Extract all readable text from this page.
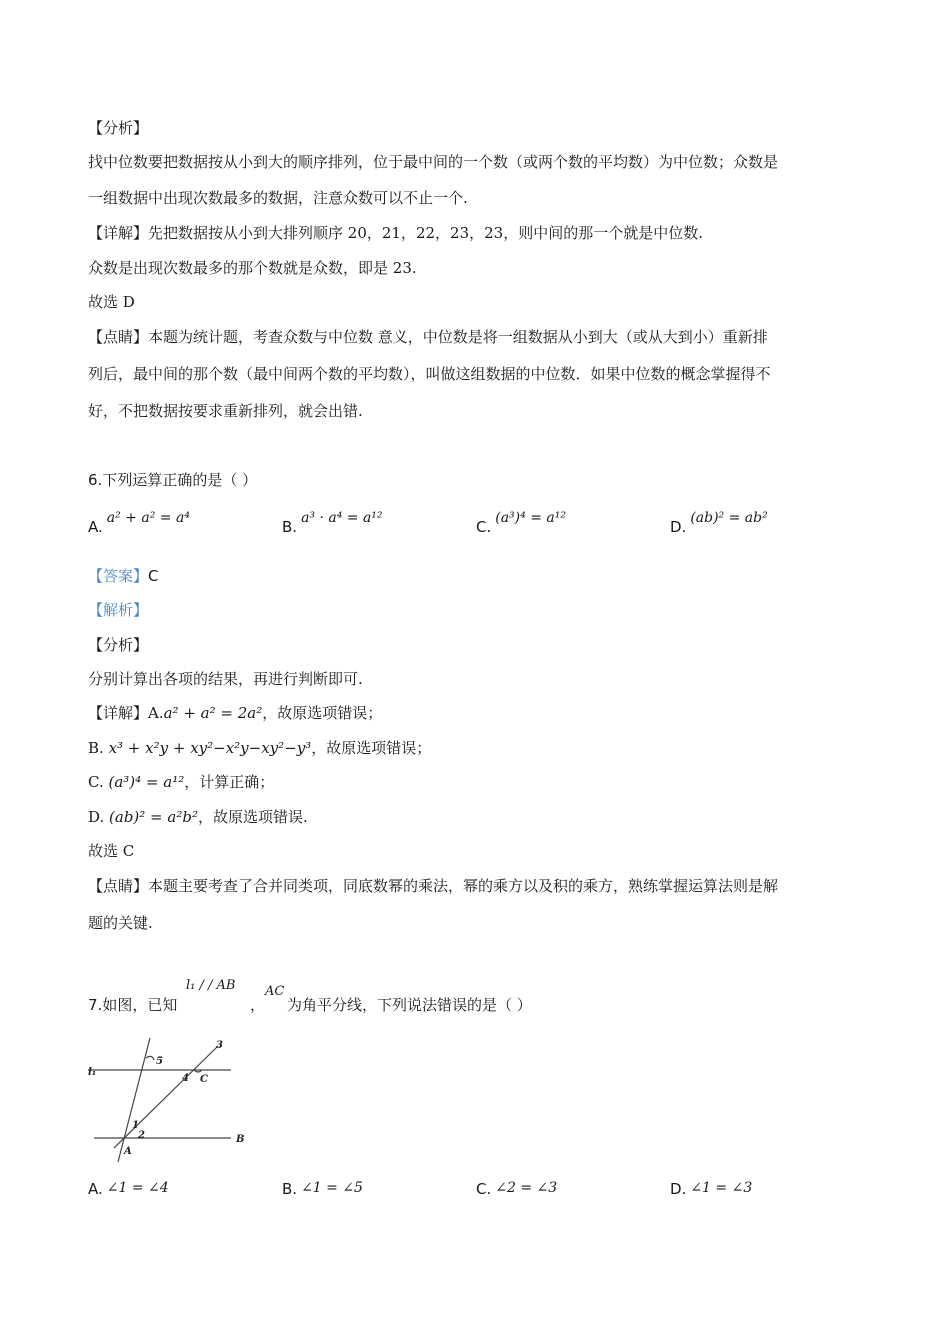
【分析】
找中位数要把数据按从小到大的顺序排列，位于最中间的一个数（或两个数的平均数）为中位数；众数是
一组数据中出现次数最多的数据，注意众数可以不止一个.
【详解】先把数据按从小到大排列顺序 20，21，22，23，23，则中间的那一个就是中位数.
众数是出现次数最多的那个数就是众数，即是 23.
故选 D
【点睛】本题为统计题，考查众数与中位数 意义，中位数是将一组数据从小到大（或从大到小）重新排
列后，最中间的那个数（最中间两个数的平均数），叫做这组数据的中位数．如果中位数的概念掌握得不
好，不把数据按要求重新排列，就会出错.
6.下列运算正确的是（ ）
A. a² + a² = a⁴	B. a³ · a⁴ = a¹²	C. (a³)⁴ = a¹²	D. (ab)² = ab²
【答案】C
【解析】
【分析】
分别计算出各项的结果，再进行判断即可.
【详解】A.a² + a² = 2a²，故原选项错误；
B. x³ + x²y + xy²−x²y−xy²−y³，故原选项错误；
C. (a³)⁴ = a¹²，计算正确；
D. (ab)² = a²b²，故原选项错误.
故选 C
【点睛】本题主要考查了合并同类项，同底数幂的乘法，幂的乘方以及积的乘方，熟练掌握运算法则是解
题的关键.
7.如图，已知
l₁ / / AB
，
AC
为角平分线，下列说法错误的是（ ）
l₁
B
A
C
1
2
3
4
5
A. ∠1 = ∠4	B. ∠1 = ∠5	C. ∠2 = ∠3	D. ∠1 = ∠3
